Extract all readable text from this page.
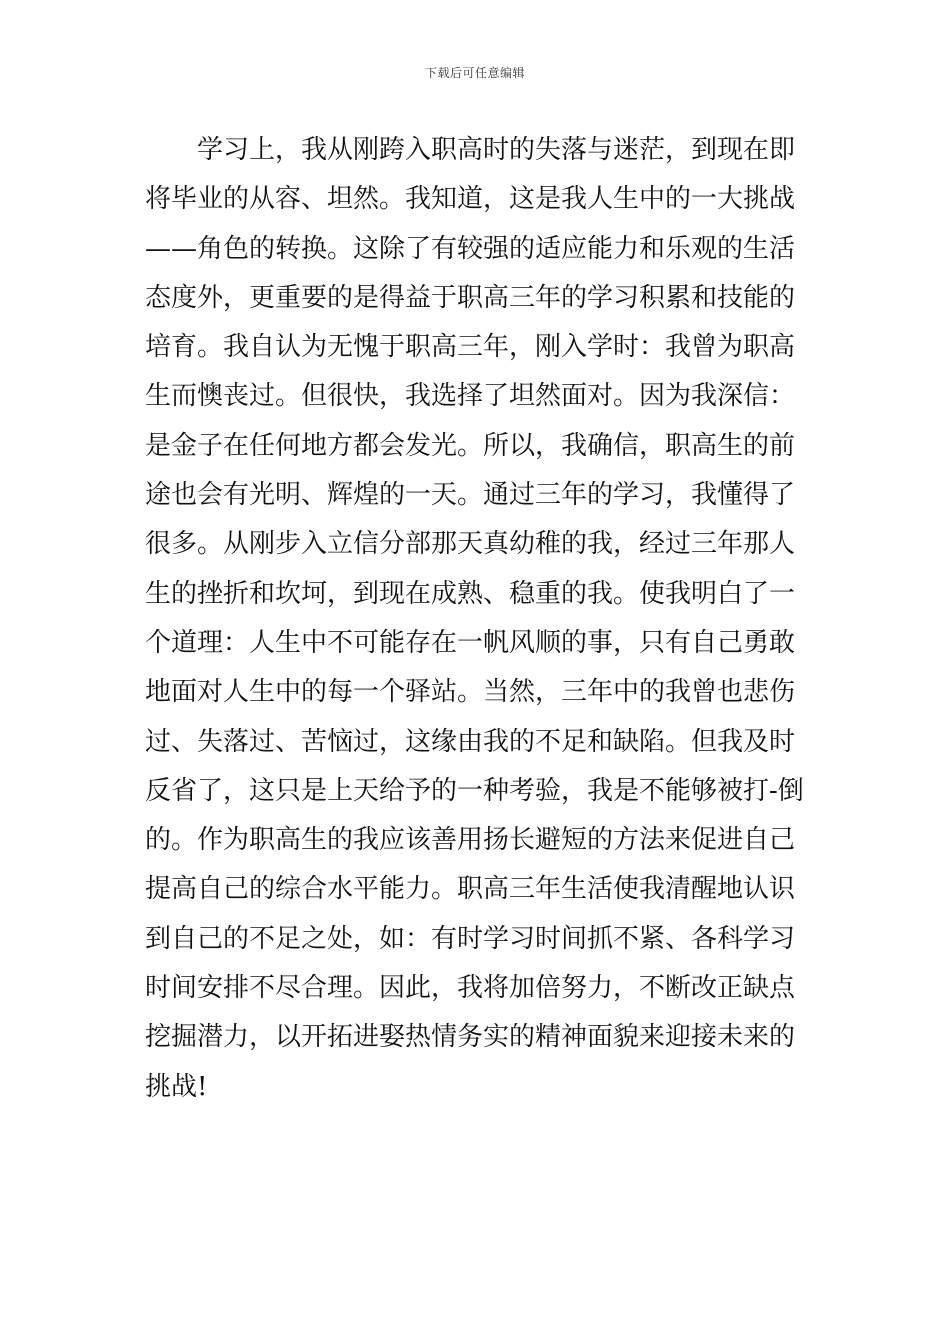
下载后可任意编辑
学习上，我从刚跨入职高时的失落与迷茫，到现在即
将毕业的从容、坦然。我知道，这是我人生中的一大挑战
——角色的转换。这除了有较强的适应能力和乐观的生活
态度外，更重要的是得益于职高三年的学习积累和技能的
培育。我自认为无愧于职高三年，刚入学时：我曾为职高
生而懊丧过。但很快，我选择了坦然面对。因为我深信：
是金子在任何地方都会发光。所以，我确信，职高生的前
途也会有光明、辉煌的一天。通过三年的学习，我懂得了
很多。从刚步入立信分部那天真幼稚的我，经过三年那人
生的挫折和坎坷，到现在成熟、稳重的我。使我明白了一
个道理：人生中不可能存在一帆风顺的事，只有自己勇敢
地面对人生中的每一个驿站。当然，三年中的我曾也悲伤
过、失落过、苦恼过，这缘由我的不足和缺陷。但我及时
反省了，这只是上天给予的一种考验，我是不能够被打-倒
的。作为职高生的我应该善用扬长避短的方法来促进自己
提高自己的综合水平能力。职高三年生活使我清醒地认识
到自己的不足之处，如：有时学习时间抓不紧、各科学习
时间安排不尽合理。因此，我将加倍努力，不断改正缺点
挖掘潜力，以开拓进娶热情务实的精神面貌来迎接未来的
挑战!
